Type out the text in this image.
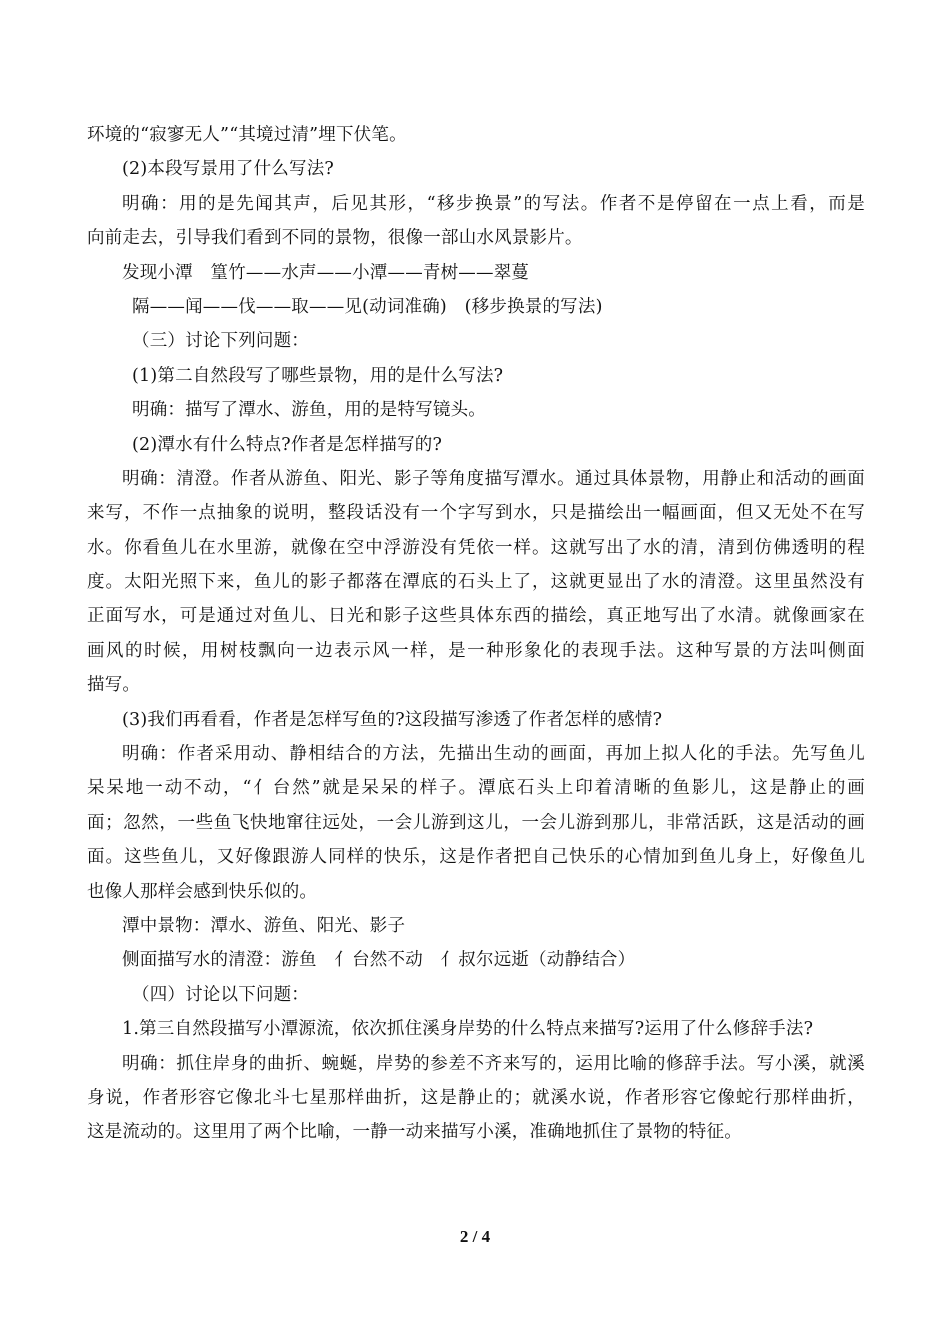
环境的“寂寥无人”“其境过清”埋下伏笔。
(2)本段写景用了什么写法?
明确：用的是先闻其声，后见其形，“移步换景”的写法。作者不是停留在一点上看，而是
向前走去，引导我们看到不同的景物，很像一部山水风景影片。
发现小潭　篁竹——水声——小潭——青树——翠蔓
隔——闻——伐——取——见(动词准确)　(移步换景的写法)
（三）讨论下列问题：
(1)第二自然段写了哪些景物，用的是什么写法?
明确：描写了潭水、游鱼，用的是特写镜头。
(2)潭水有什么特点?作者是怎样描写的?
明确：清澄。作者从游鱼、阳光、影子等角度描写潭水。通过具体景物，用静止和活动的画面
来写，不作一点抽象的说明，整段话没有一个字写到水，只是描绘出一幅画面，但又无处不在写
水。你看鱼儿在水里游，就像在空中浮游没有凭依一样。这就写出了水的清，清到仿佛透明的程
度。太阳光照下来，鱼儿的影子都落在潭底的石头上了，这就更显出了水的清澄。这里虽然没有
正面写水，可是通过对鱼儿、日光和影子这些具体东西的描绘，真正地写出了水清。就像画家在
画风的时候，用树枝飘向一边表示风一样，是一种形象化的表现手法。这种写景的方法叫侧面
描写。
(3)我们再看看，作者是怎样写鱼的?这段描写渗透了作者怎样的感情?
明确：作者采用动、静相结合的方法，先描出生动的画面，再加上拟人化的手法。先写鱼儿
呆呆地一动不动，“亻台然”就是呆呆的样子。潭底石头上印着清晰的鱼影儿，这是静止的画
面；忽然，一些鱼飞快地窜往远处，一会儿游到这儿，一会儿游到那儿，非常活跃，这是活动的画
面。这些鱼儿，又好像跟游人同样的快乐，这是作者把自己快乐的心情加到鱼儿身上，好像鱼儿
也像人那样会感到快乐似的。
潭中景物：潭水、游鱼、阳光、影子
侧面描写水的清澄：游鱼　亻台然不动　亻叔尔远逝（动静结合）
（四）讨论以下问题：
1.第三自然段描写小潭源流，依次抓住溪身岸势的什么特点来描写?运用了什么修辞手法?
明确：抓住岸身的曲折、蜿蜒，岸势的参差不齐来写的，运用比喻的修辞手法。写小溪，就溪
身说，作者形容它像北斗七星那样曲折，这是静止的；就溪水说，作者形容它像蛇行那样曲折，
这是流动的。这里用了两个比喻，一静一动来描写小溪，准确地抓住了景物的特征。
2 / 4
